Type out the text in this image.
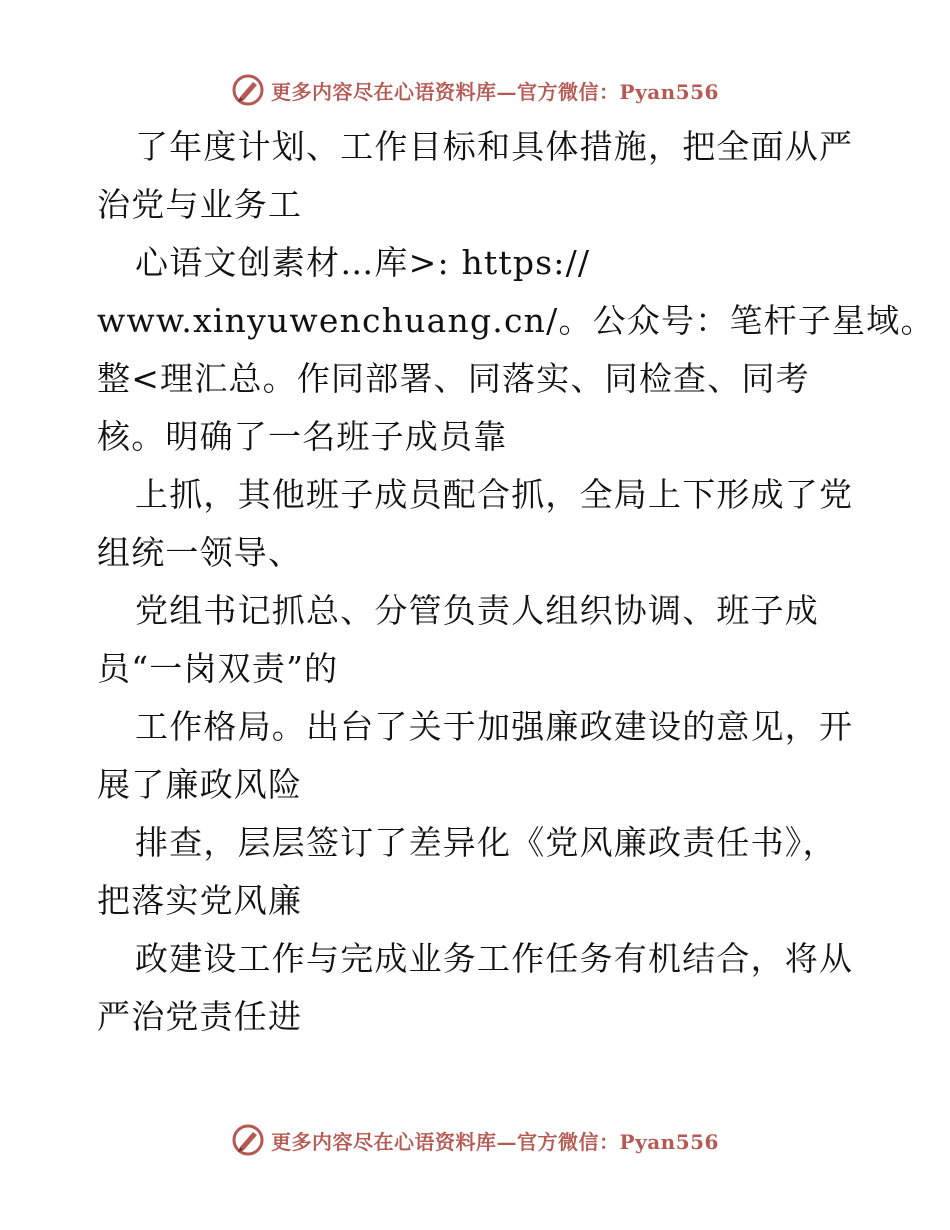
更多内容尽在心语资料库—官方微信：Pyan556
了年度计划、工作目标和具体措施，把全面从严
治党与业务工
心语文创素材…库>: https://
www.xinyuwenchuang.cn/。公众号：笔杆子星域。
整<理汇总。作同部署、同落实、同检查、同考
核。明确了一名班子成员靠
上抓，其他班子成员配合抓，全局上下形成了党
组统一领导、
党组书记抓总、分管负责人组织协调、班子成
员“一岗双责”的
工作格局。出台了关于加强廉政建设的意见，开
展了廉政风险
排查，层层签订了差异化《党风廉政责任书》，
把落实党风廉
政建设工作与完成业务工作任务有机结合，将从
严治党责任进
更多内容尽在心语资料库—官方微信：Pyan556
